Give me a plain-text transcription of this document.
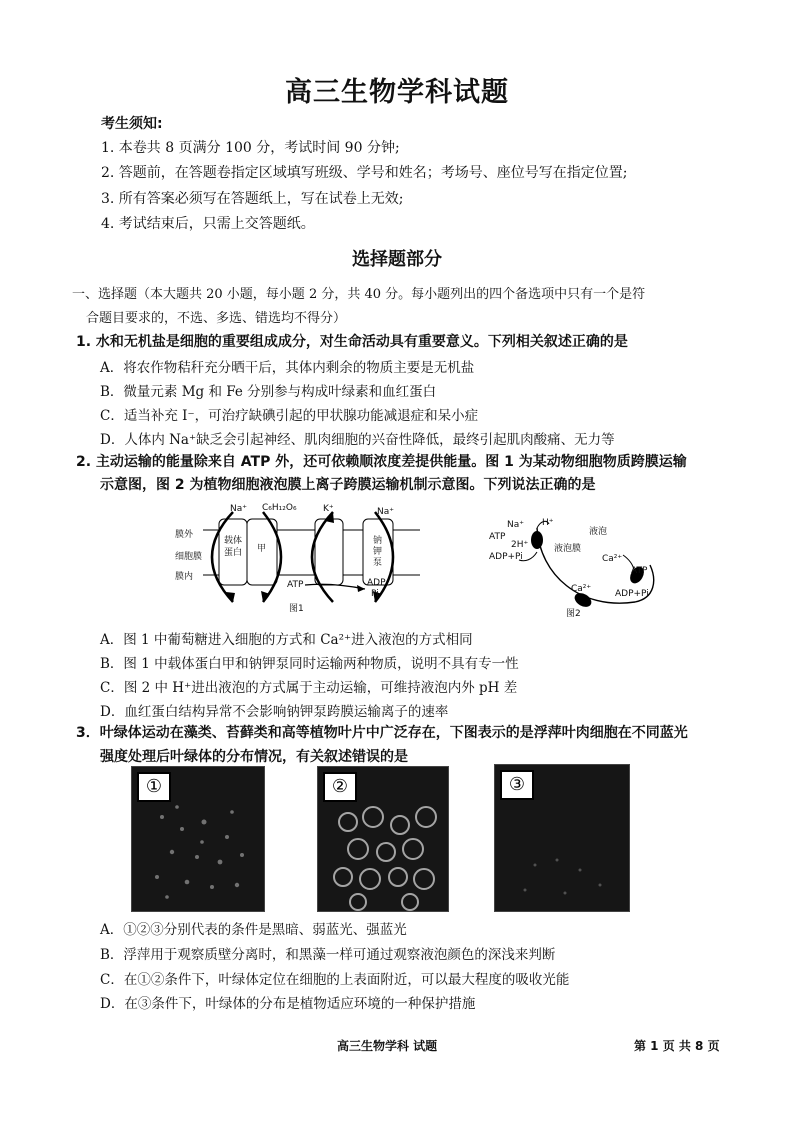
高三生物学科试题
考生须知:
1. 本卷共 8 页满分 100 分，考试时间 90 分钟;
2. 答题前，在答题卷指定区域填写班级、学号和姓名；考场号、座位号写在指定位置;
3. 所有答案必须写在答题纸上，写在试卷上无效;
4. 考试结束后，只需上交答题纸。
选择题部分
一、选择题（本大题共 20 小题，每小题 2 分，共 40 分。每小题列出的四个备选项中只有一个是符
合题目要求的，不选、多选、错选均不得分）
1. 水和无机盐是细胞的重要组成成分，对生命活动具有重要意义。下列相关叙述正确的是
A．将农作物秸秆充分晒干后，其体内剩余的物质主要是无机盐
B．微量元素 Mg 和 Fe 分别参与构成叶绿素和血红蛋白
C．适当补充 I⁻，可治疗缺碘引起的甲状腺功能减退症和呆小症
D．人体内 Na⁺缺乏会引起神经、肌肉细胞的兴奋性降低，最终引起肌肉酸痛、无力等
2. 主动运输的能量除来自 ATP 外，还可依赖顺浓度差提供能量。图 1 为某动物细胞物质跨膜运输
示意图，图 2 为植物细胞液泡膜上离子跨膜运输机制示意图。下列说法正确的是
Na⁺ C₆H₁₂O₆	K⁺	Na⁺
膜外
细胞膜
膜内
载体
蛋白 甲
钠
钾
泵
ATP	ADP
Pi
图1
Na⁺ H⁺
液泡
ATP
2H⁺	液泡膜
ADP+Pi	Ca²⁺
ATP
Ca²⁺	ADP+Pi
图2
A．图 1 中葡萄糖进入细胞的方式和 Ca²⁺进入液泡的方式相同
B．图 1 中载体蛋白甲和钠钾泵同时运输两种物质，说明不具有专一性
C．图 2 中 H⁺进出液泡的方式属于主动运输，可维持液泡内外 pH 差
D．血红蛋白结构异常不会影响钠钾泵跨膜运输离子的速率
3．叶绿体运动在藻类、苔藓类和高等植物叶片中广泛存在，下图表示的是浮萍叶肉细胞在不同蓝光
强度处理后叶绿体的分布情况，有关叙述错误的是
①	②	③
A．①②③分别代表的条件是黑暗、弱蓝光、强蓝光
B．浮萍用于观察质壁分离时，和黑藻一样可通过观察液泡颜色的深浅来判断
C．在①②条件下，叶绿体定位在细胞的上表面附近，可以最大程度的吸收光能
D．在③条件下，叶绿体的分布是植物适应环境的一种保护措施
高三生物学科 试题	第 1 页 共 8 页
